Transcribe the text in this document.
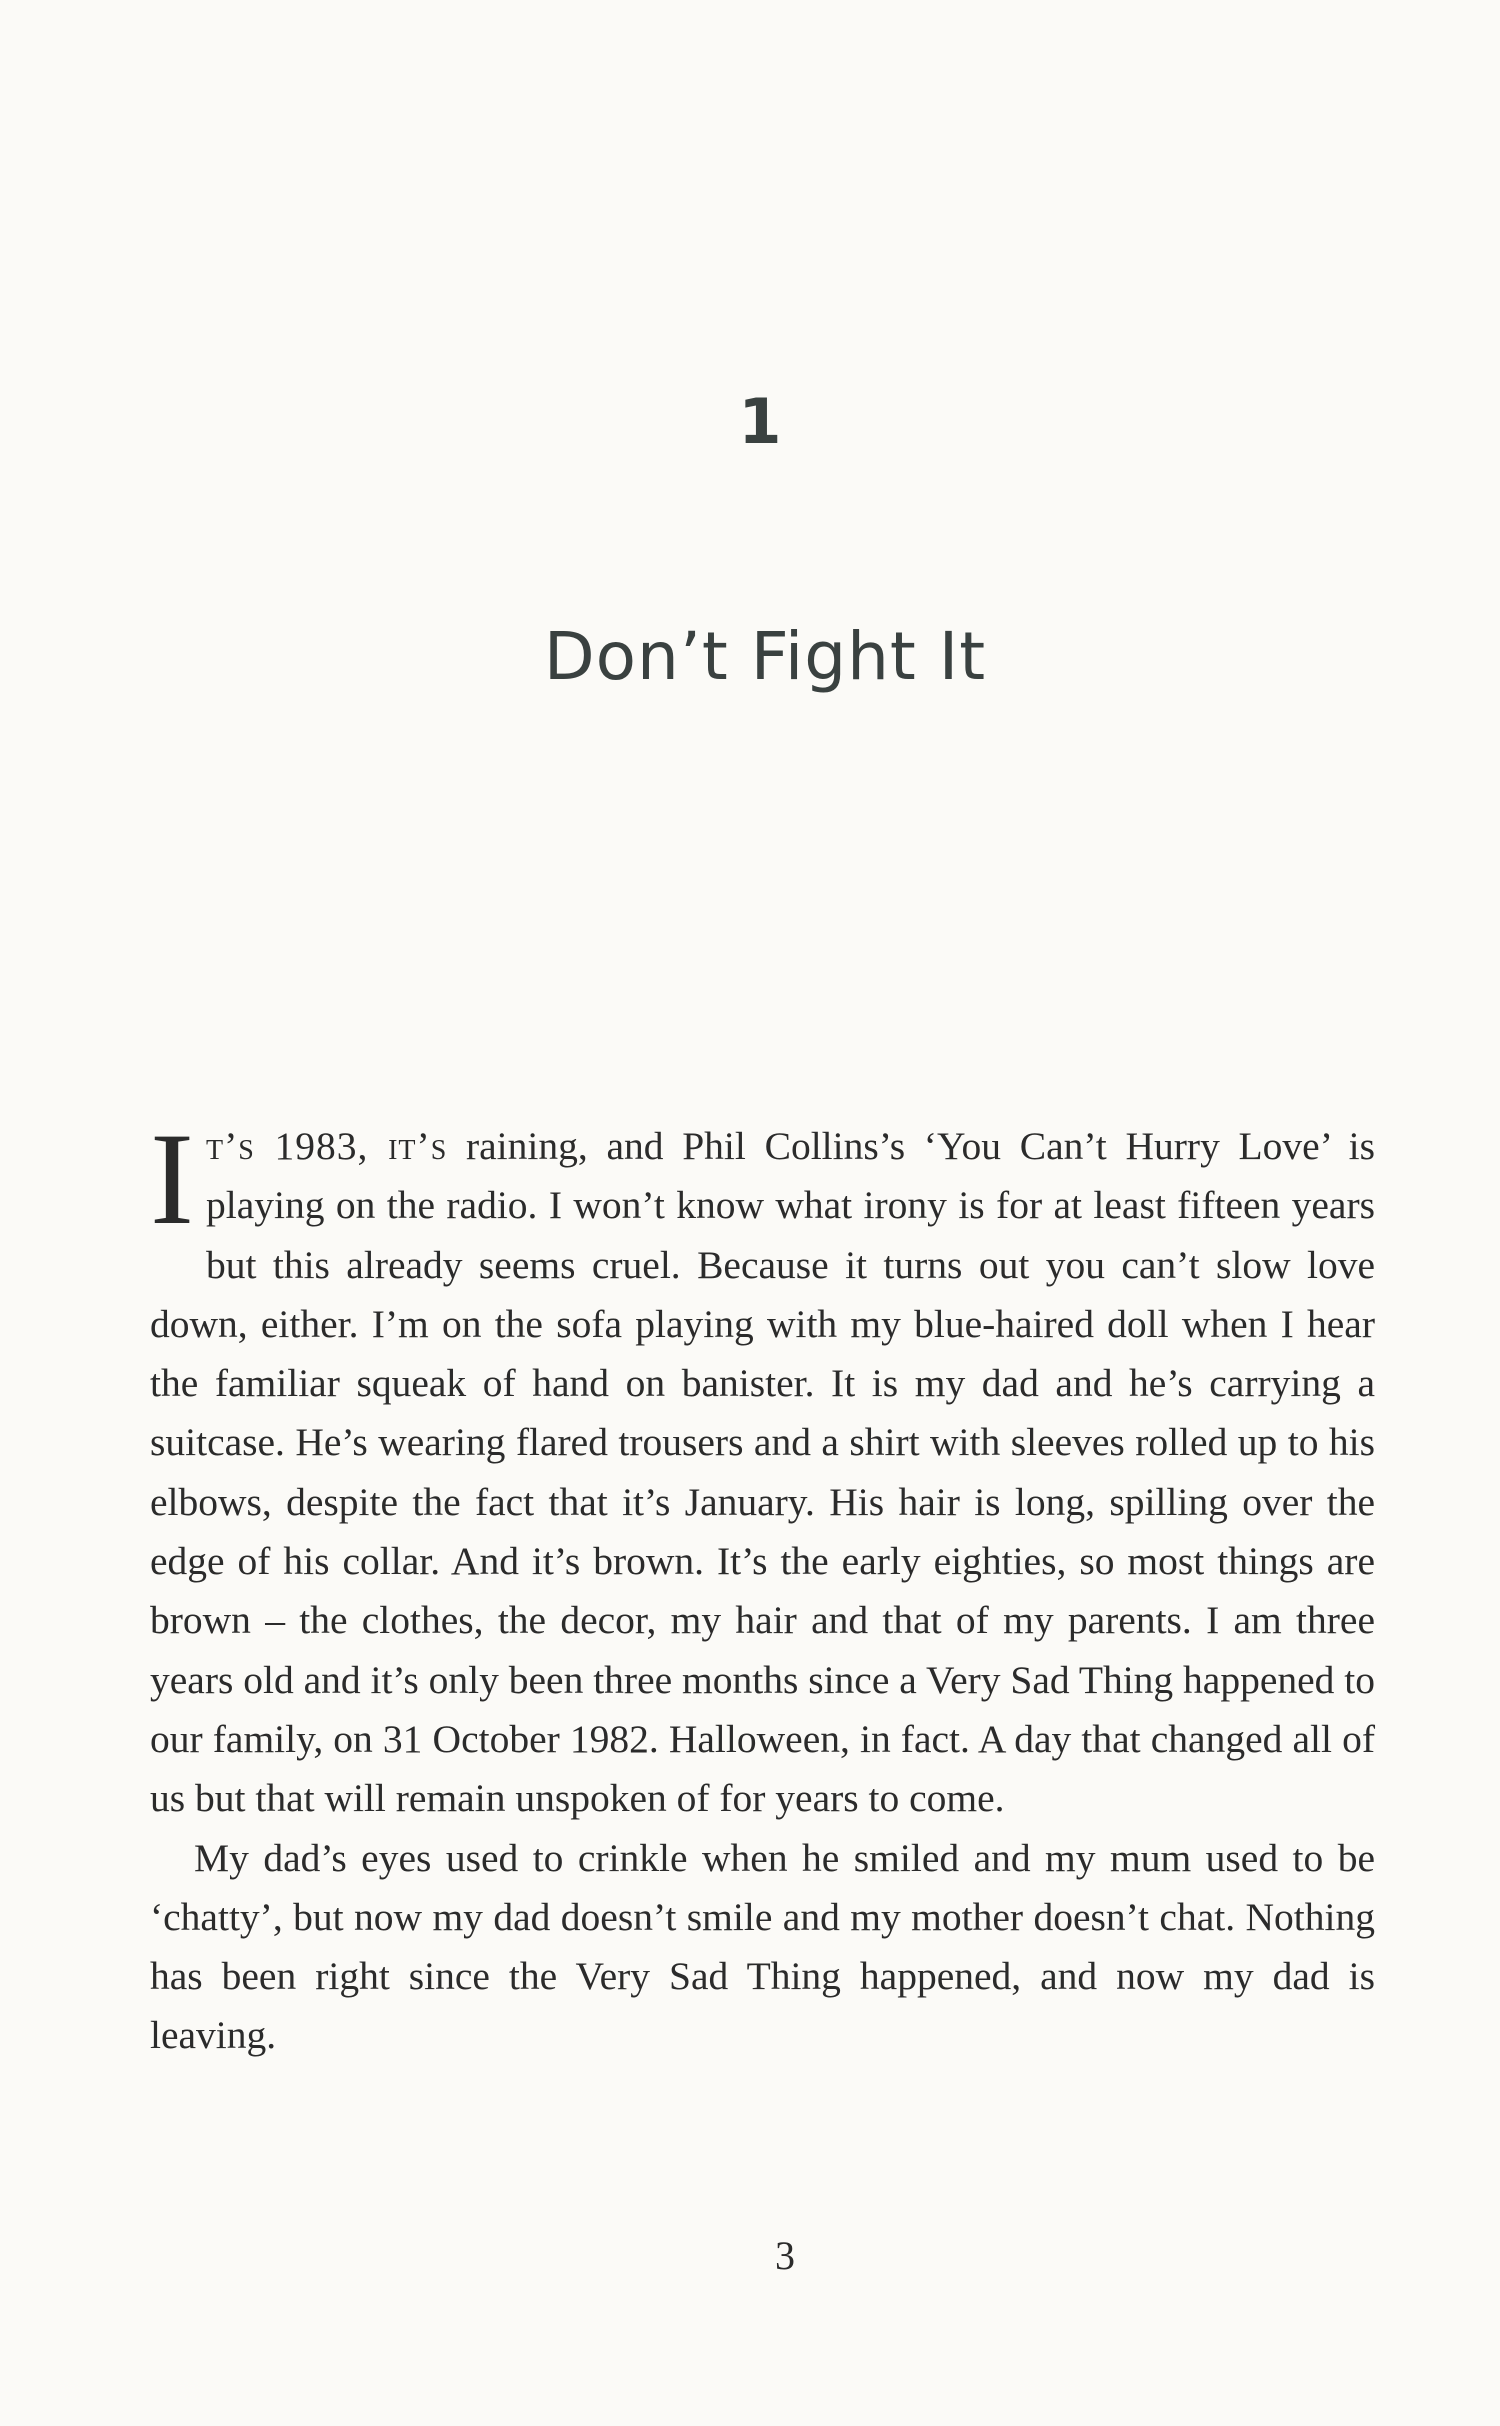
1
Don’t Fight It

It’s 1983, it’s raining, and Phil Collins’s ‘You Can’t Hurry Love’ is playing on the radio. I won’t know what irony is for at least fifteen years but this already seems cruel. Because it turns out you can’t slow love down, either. I’m on the sofa playing with my blue-haired doll when I hear the familiar squeak of hand on banister. It is my dad and he’s carrying a suitcase. He’s wearing flared trousers and a shirt with sleeves rolled up to his elbows, despite the fact that it’s January. His hair is long, spilling over the edge of his collar. And it’s brown. It’s the early eighties, so most things are brown – the clothes, the decor, my hair and that of my parents. I am three years old and it’s only been three months since a Very Sad Thing happened to our family, on 31 October 1982. Halloween, in fact. A day that changed all of us but that will remain unspoken of for years to come.

My dad’s eyes used to crinkle when he smiled and my mum used to be ‘chatty’, but now my dad doesn’t smile and my mother doesn’t chat. Nothing has been right since the Very Sad Thing happened, and now my dad is leaving.

3
